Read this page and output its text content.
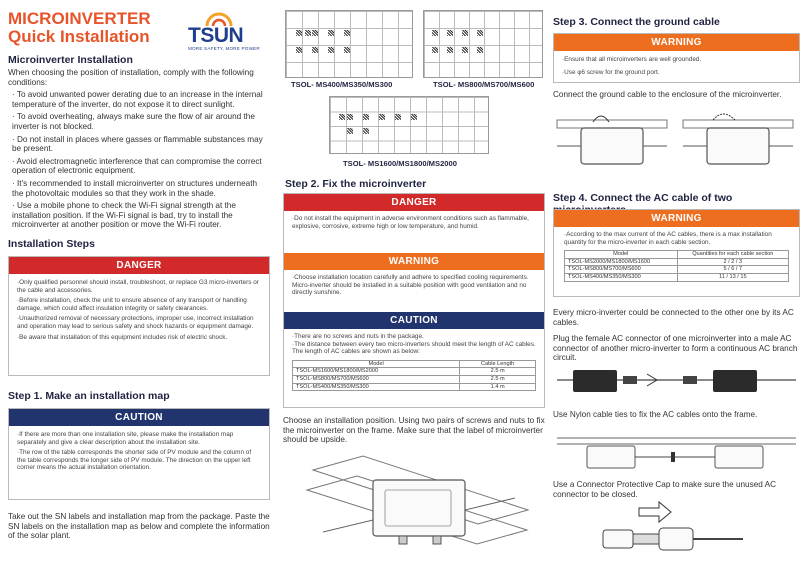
MICROINVERTER
Quick Installation TSUN
MORE SAFETY, MORE POWER
Microinverter Installation
When choosing the position of installation, comply with the following conditions:
· To avoid unwanted power derating due to an increase in the internal temperature of the inverter, do not expose it to direct sunlight.
· To avoid overheating, always make sure the flow of air around the inverter is not blocked.
· Do not install in places where gasses or flammable substances may be present.
· Avoid electromagnetic interference that can compromise the correct operation of electronic equipment.
· It's recommended to install microinverter on structures underneath the photovoltaic modules so that they work in the shade.
· Use a mobile phone to check the Wi-Fi signal strength at the installation position. If the Wi-Fi signal is bad, try to install the microinverter at another position or move the Wi-Fi router.
Installation Steps
DANGER
·Only qualified personnel should install, troubleshoot, or replace G3 micro-inverters or the cable and accessories.
·Before installation, check the unit to ensure absence of any transport or handling damage, which could affect insulation integrity or safety clearances.
·Unauthorized removal of necessary protections, improper use, incorrect installation and operation may lead to serious safety and shock hazards or equipment damage.
·Be aware that installation of this equipment includes risk of electric shock.
Step 1. Make an installation map
CAUTION
·If there are more than one installation site, please make the installation map separately and give a clear description about the installation site.
·The row of the table corresponds the shorter side of PV module and the column of the table corresponds the longer side of PV module. The direction on the upper left corner means the actual installation orientation.
Take out the SN labels and installation map from the package. Paste the SN labels on the installation map as below and complete the information of the solar plant.
TSOL- MS400/MS350/MS300	TSOL- MS800/MS700/MS600
TSOL- MS1600/MS1800/MS2000
Step 2. Fix the microinverter
DANGER
·Do not install the equipment in adverse environment conditions such as flammable, explosive, corrosive, extreme high or low temperature, and humid.
WARNING
·Choose installation location carefully and adhere to specified cooling requirements. Micro-inverter should be installed in a suitable position with good ventilation and no directly sunshine.
CAUTION
·There are no screws and nuts in the package.
·The distance between every two micro-inverters should meet the length of AC cables. The length of AC cables are shown as below:
Model	Cable Length
TSOL-MS1600/MS1800/MS2000	2.5 m
TSOL-MS800/MS700/MS600	2.5 m
TSOL-MS400/MS350/MS300	1.4 m
Choose an installation position. Using two pairs of screws and nuts to fix the microinverter on the frame. Make sure that the label of microinverter should be upside.
Step 3. Connect the ground cable
WARNING
·Ensure that all microinverters are well grounded.
·Use φ6 screw for the ground port.
Connect the ground cable to the enclosure of the microinverter.
Step 4. Connect the AC cable of two
WARNING
·According to the max current of the AC cables, there is a max installation quantity for the micro-inverter in each cable section.
Model	Quantities for each cable section
TSOL-MS2000/MS1800/MS1600	2 / 2 / 3
TSOL-MS800/MS700/MS600	5 / 6 / 7
TSOL-MS400/MS350/MS300	11 / 13 / 15
Every micro-inverter could be connected to the other one by its AC cables.
Plug the female AC connector of one microinverter into a male AC connector of another micro-inverter to form a continuous AC branch circuit.
Use Nylon cable ties to fix the AC cables onto the frame.
Use a Connector Protective Cap to make sure the unused AC connector to be closed.
